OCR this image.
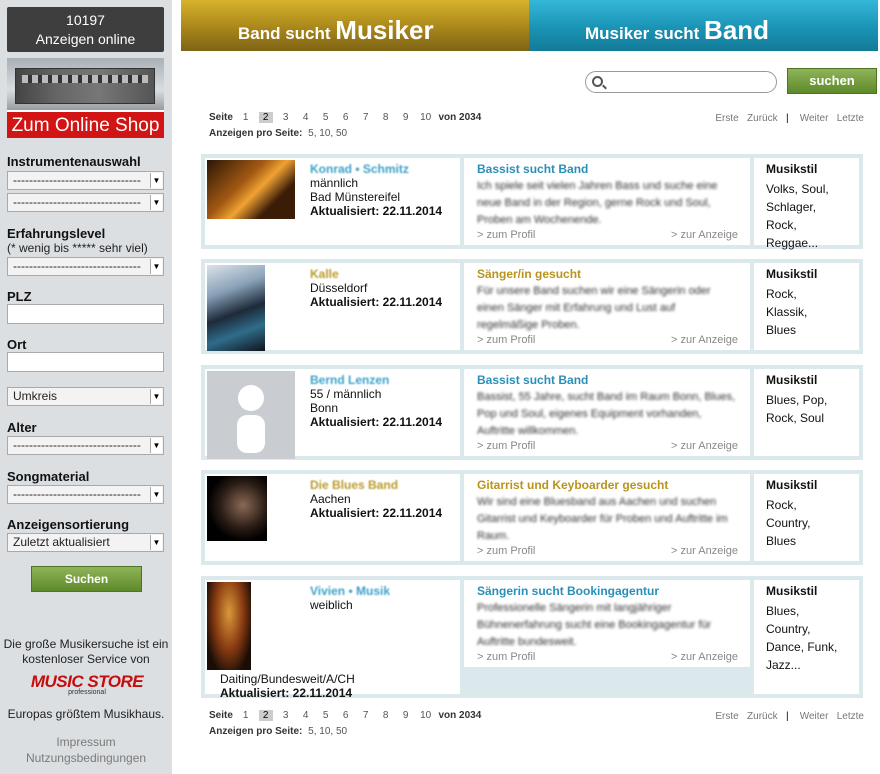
10197
Anzeigen online
Zum Online Shop
Instrumentenauswahl
--------------------------------	▼
--------------------------------	▼
Erfahrungslevel
(* wenig bis ***** sehr viel)
--------------------------------	▼
PLZ
Ort
Umkreis	▼
Alter
--------------------------------	▼
Songmaterial
--------------------------------	▼
Anzeigensortierung
Zuletzt aktualisiert	▼
Suchen
Die große Musikersuche ist ein
kostenloser Service von
MUSIC STORE
professional
Europas größtem Musikhaus.
Impressum
Nutzungsbedingungen
Band sucht Musiker	Musiker sucht Band
suchen
Seite 1 2 3 4 5 6 7 8 9 10 von 2034
Anzeigen pro Seite: 5, 10, 50
Erste Zurück | Weiter Letzte
Konrad • Schmitz
männlich
Bad Münstereifel
Aktualisiert: 22.11.2014
Bassist sucht Band
Ich spiele seit vielen Jahren Bass und suche eine neue Band in der Region, gerne Rock und Soul, Proben am Wochenende.
> zum Profil	> zur Anzeige
Musikstil
Volks, Soul,
Schlager,
Rock,
Reggae...
Kalle
Düsseldorf
Aktualisiert: 22.11.2014
Sänger/in gesucht
Für unsere Band suchen wir eine Sängerin oder einen Sänger mit Erfahrung und Lust auf regelmäßige Proben.
> zum Profil	> zur Anzeige
Musikstil
Rock,
Klassik,
Blues
Bernd Lenzen
55 / männlich
Bonn
Aktualisiert: 22.11.2014
Bassist sucht Band
Bassist, 55 Jahre, sucht Band im Raum Bonn, Blues, Pop und Soul, eigenes Equipment vorhanden, Auftritte willkommen.
> zum Profil	> zur Anzeige
Musikstil
Blues, Pop,
Rock, Soul
Die Blues Band
Aachen
Aktualisiert: 22.11.2014
Gitarrist und Keyboarder gesucht
Wir sind eine Bluesband aus Aachen und suchen Gitarrist und Keyboarder für Proben und Auftritte im Raum.
> zum Profil	> zur Anzeige
Musikstil
Rock,
Country,
Blues
Vivien • Musik
weiblich
Daiting/Bundesweit/A/CH
Aktualisiert: 22.11.2014
Sängerin sucht Bookingagentur
Professionelle Sängerin mit langjähriger Bühnenerfahrung sucht eine Bookingagentur für Auftritte bundesweit.
> zum Profil	> zur Anzeige
Musikstil
Blues,
Country,
Dance, Funk,
Jazz...
Seite 1 2 3 4 5 6 7 8 9 10 von 2034
Anzeigen pro Seite: 5, 10, 50
Erste Zurück | Weiter Letzte
